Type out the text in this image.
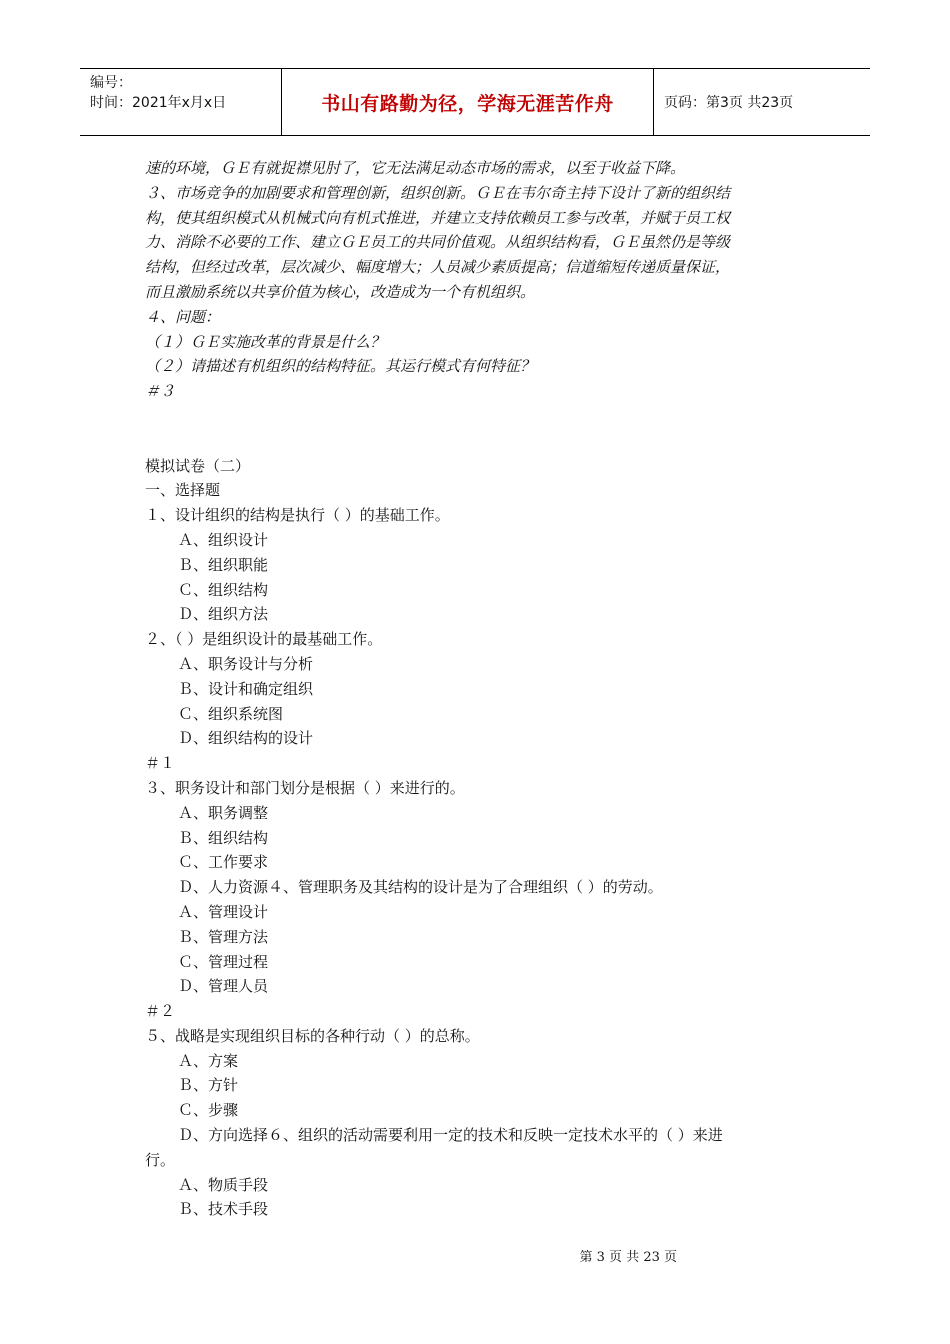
编号：
时间：2021年x月x日	书山有路勤为径，学海无涯苦作舟	页码：第3页 共23页
速的环境，ＧＥ有就捉襟见肘了，它无法满足动态市场的需求，以至于收益下降。
３、市场竞争的加剧要求和管理创新，组织创新。ＧＥ在韦尔奇主持下设计了新的组织结
构，使其组织模式从机械式向有机式推进，并建立支持依赖员工参与改革，并赋于员工权
力、消除不必要的工作、建立ＧＥ员工的共同价值观。从组织结构看，ＧＥ虽然仍是等级
结构，但经过改革，层次减少、幅度增大；人员减少素质提高；信道缩短传递质量保证，
而且激励系统以共享价值为核心，改造成为一个有机组织。
４、问题：
（１）ＧＥ实施改革的背景是什么？
（２）请描述有机组织的结构特征。其运行模式有何特征？
＃３
模拟试卷（二）
一、选择题
１、设计组织的结构是执行（ ）的基础工作。
Ａ、组织设计
Ｂ、组织职能
Ｃ、组织结构
Ｄ、组织方法
２、（ ）是组织设计的最基础工作。
Ａ、职务设计与分析
Ｂ、设计和确定组织
Ｃ、组织系统图
Ｄ、组织结构的设计
＃１
３、职务设计和部门划分是根据（ ）来进行的。
Ａ、职务调整
Ｂ、组织结构
Ｃ、工作要求
Ｄ、人力资源４、管理职务及其结构的设计是为了合理组织（ ）的劳动。
Ａ、管理设计
Ｂ、管理方法
Ｃ、管理过程
Ｄ、管理人员
＃２
５、战略是实现组织目标的各种行动（ ）的总称。
Ａ、方案
Ｂ、方针
Ｃ、步骤
Ｄ、方向选择６、组织的活动需要利用一定的技术和反映一定技术水平的（ ）来进
行。
Ａ、物质手段
Ｂ、技术手段
第 3 页 共 23 页
